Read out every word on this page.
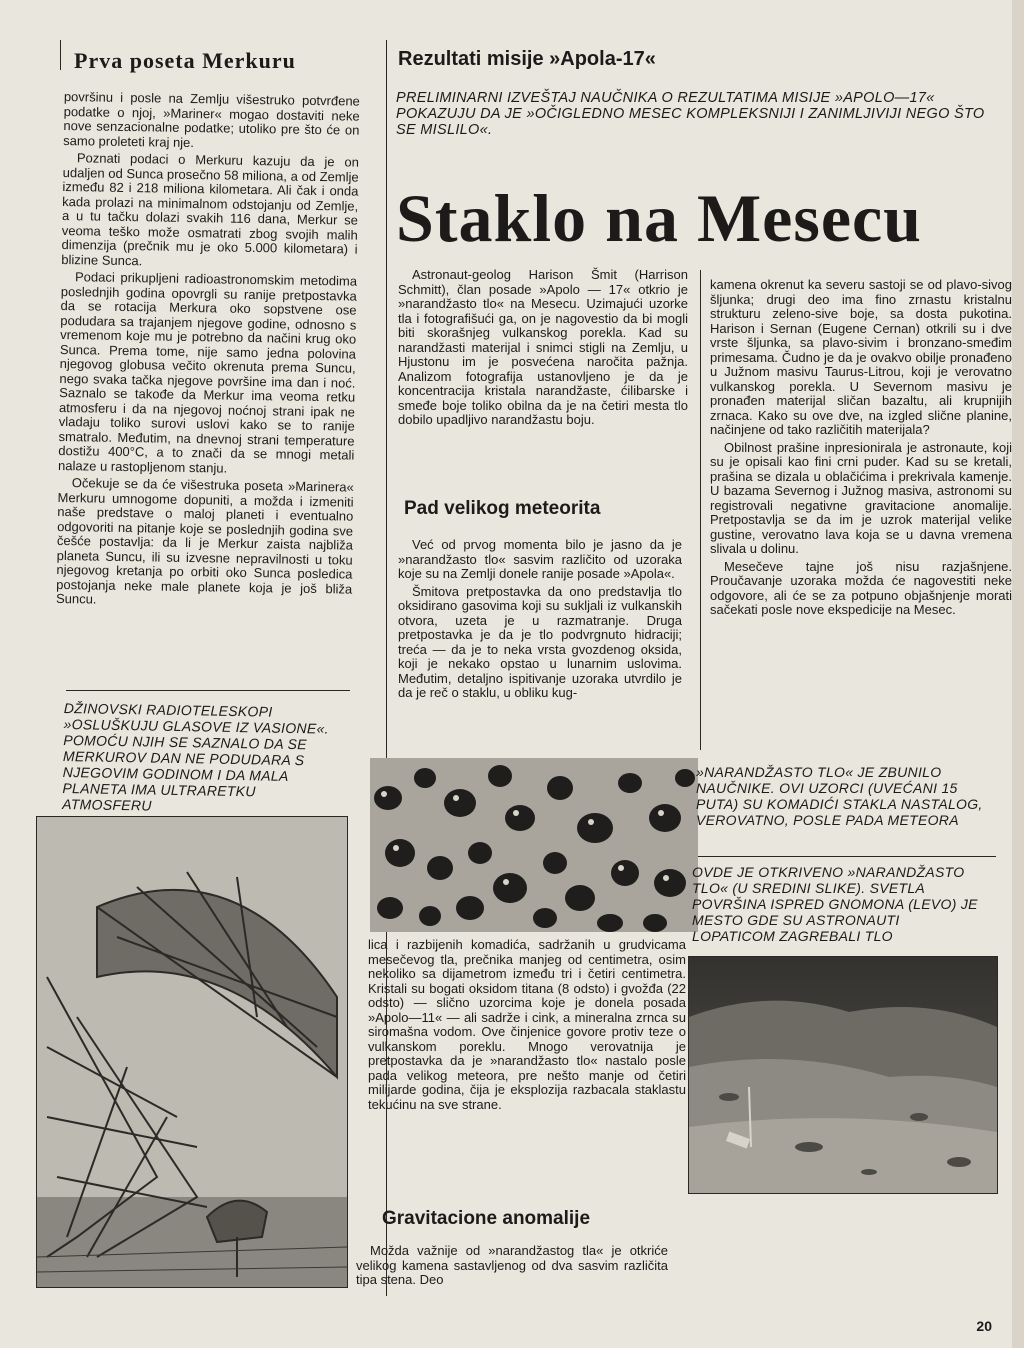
Prva poseta Merkuru

površinu i posle na Zemlju višestruko potvrđene podatke o njoj, »Mariner« mogao dostaviti neke nove senzacionalne podatke; utoliko pre što će on samo proleteti kraj nje.

Poznati podaci o Merkuru kazuju da je on udaljen od Sunca prosečno 58 miliona, a od Zemlje između 82 i 218 miliona kilometara. Ali čak i onda kada prolazi na minimalnom odstojanju od Zemlje, a u tu tačku dolazi svakih 116 dana, Merkur se veoma teško može osmatrati zbog svojih malih dimenzija (prečnik mu je oko 5.000 kilometara) i blizine Sunca.

Podaci prikupljeni radioastronomskim metodima poslednjih godina opovrgli su ranije pretpostavka da se rotacija Merkura oko sopstvene ose podudara sa trajanjem njegove godine, odnosno s vremenom koje mu je potrebno da načini krug oko Sunca. Prema tome, nije samo jedna polovina njegovog globusa večito okrenuta prema Suncu, nego svaka tačka njegove površine ima dan i noć. Saznalo se takođe da Merkur ima veoma retku atmosferu i da na njegovoj noćnoj strani ipak ne vladaju toliko surovi uslovi kako se to ranije smatralo. Međutim, na dnevnoj strani temperature dostižu 400°C, a to znači da se mnogi metali nalaze u rastopljenom stanju.

Očekuje se da će višestruka poseta »Marinera« Merkuru umnogome dopuniti, a možda i izmeniti naše predstave o maloj planeti i eventualno odgovoriti na pitanje koje se poslednjih godina sve češće postavlja: da li je Merkur zaista najbliža planeta Suncu, ili su izvesne nepravilnosti u toku njegovog kretanja po orbiti oko Sunca posledica postojanja neke male planete koja je još bliža Suncu.

DŽINOVSKI RADIOTELESKOPI »OSLUŠKUJU GLASOVE IZ VASIONE«. POMOĆU NJIH SE SAZNALO DA SE MERKUROV DAN NE PODUDARA S NJEGOVIM GODINOM I DA MALA PLANETA IMA ULTRARETKU ATMOSFERU
Rezultati misije »Apola-17«
PRELIMINARNI IZVEŠTAJ NAUČNIKA O REZULTATIMA MISIJE »APOLO—17« POKAZUJU DA JE »OČIGLEDNO MESEC KOMPLEKSNIJI I ZANIMLJIVIJI NEGO ŠTO SE MISLILO«.
Staklo na Mesecu

Astronaut-geolog Harison Šmit (Harrison Schmitt), član posade »Apolo — 17« otkrio je »narandžasto tlo« na Mesecu. Uzimajući uzorke tla i fotografišući ga, on je nagovestio da bi mogli biti skorašnjeg vulkanskog porekla. Kad su narandžasti materijal i snimci stigli na Zemlju, u Hjustonu im je posvećena naročita pažnja. Analizom fotografija ustanovljeno je da je koncentracija kristala narandžaste, ćilibarske i smeđe boje toliko obilna da je na četiri mesta tlo dobilo upadljivo narandžastu boju.

Pad velikog meteorita

Već od prvog momenta bilo je jasno da je »narandžasto tlo« sasvim različito od uzoraka koje su na Zemlji donele ranije posade »Apola«.

Šmitova pretpostavka da ono predstavlja tlo oksidirano gasovima koji su sukljali iz vulkanskih otvora, uzeta je u razmatranje. Druga pretpostavka je da je tlo podvrgnuto hidraciji; treća — da je to neka vrsta gvozdenog oksida, koji je nekako opstao u lunarnim uslovima. Međutim, detaljno ispitivanje uzoraka utvrdilo je da je reč o staklu, u obliku kug-

lica i razbijenih komadića, sadržanih u grudvicama mesečevog tla, prečnika manjeg od centimetra, osim nekoliko sa dijametrom između tri i četiri centimetra. Kristali su bogati oksidom titana (8 odsto) i gvožđa (22 odsto) — slično uzorcima koje je donela posada »Apolo—11« — ali sadrže i cink, a mineralna zrnca su siromašna vodom. Ove činjenice govore protiv teze o vulkanskom poreklu. Mnogo verovatnija je pretpostavka da je »narandžasto tlo« nastalo posle pada velikog meteora, pre nešto manje od četiri milijarde godina, čija je eksplozija razbacala staklastu tekućinu na sve strane.

Gravitacione anomalije

Možda važnije od »narandžastog tla« je otkriće velikog kamena sastavljenog od dva sasvim različita tipa stena. Deo

kamena okrenut ka severu sastoji se od plavo-sivog šljunka; drugi deo ima fino zrnastu kristalnu strukturu zeleno-sive boje, sa dosta pukotina. Harison i Sernan (Eugene Cernan) otkrili su i dve vrste šljunka, sa plavo-sivim i bronzano-smeđim primesama. Čudno je da je ovakvo obilje pronađeno u Južnom masivu Taurus-Litrou, koji je verovatno vulkanskog porekla. U Severnom masivu je pronađen materijal sličan bazaltu, ali krupnijih zrnaca. Kako su ove dve, na izgled slične planine, načinjene od tako različitih materijala?

Obilnost prašine inpresionirala je astronaute, koji su je opisali kao fini crni puder. Kad su se kretali, prašina se dizala u oblačićima i prekrivala kamenje. U bazama Severnog i Južnog masiva, astronomi su registrovali negativne gravitacione anomalije. Pretpostavlja se da im je uzrok materijal velike gustine, verovatno lava koja se u davna vremena slivala u dolinu.

Mesečeve tajne još nisu razjašnjene. Proučavanje uzoraka možda će nagovestiti neke odgovore, ali će se za potpuno objašnjenje morati sačekati posle nove ekspedicije na Mesec.

»NARANDŽASTO TLO« JE ZBUNILO NAUČNIKE. OVI UZORCI (UVEĆANI 15 PUTA) SU KOMADIĆI STAKLA NASTALOG, VEROVATNO, POSLE PADA METEORA
OVDE JE OTKRIVENO »NARANDŽASTO TLO« (U SREDINI SLIKE). SVETLA POVRŠINA ISPRED GNOMONA (LEVO) JE MESTO GDE SU ASTRONAUTI LOPATICOM ZAGREBALI TLO
20
